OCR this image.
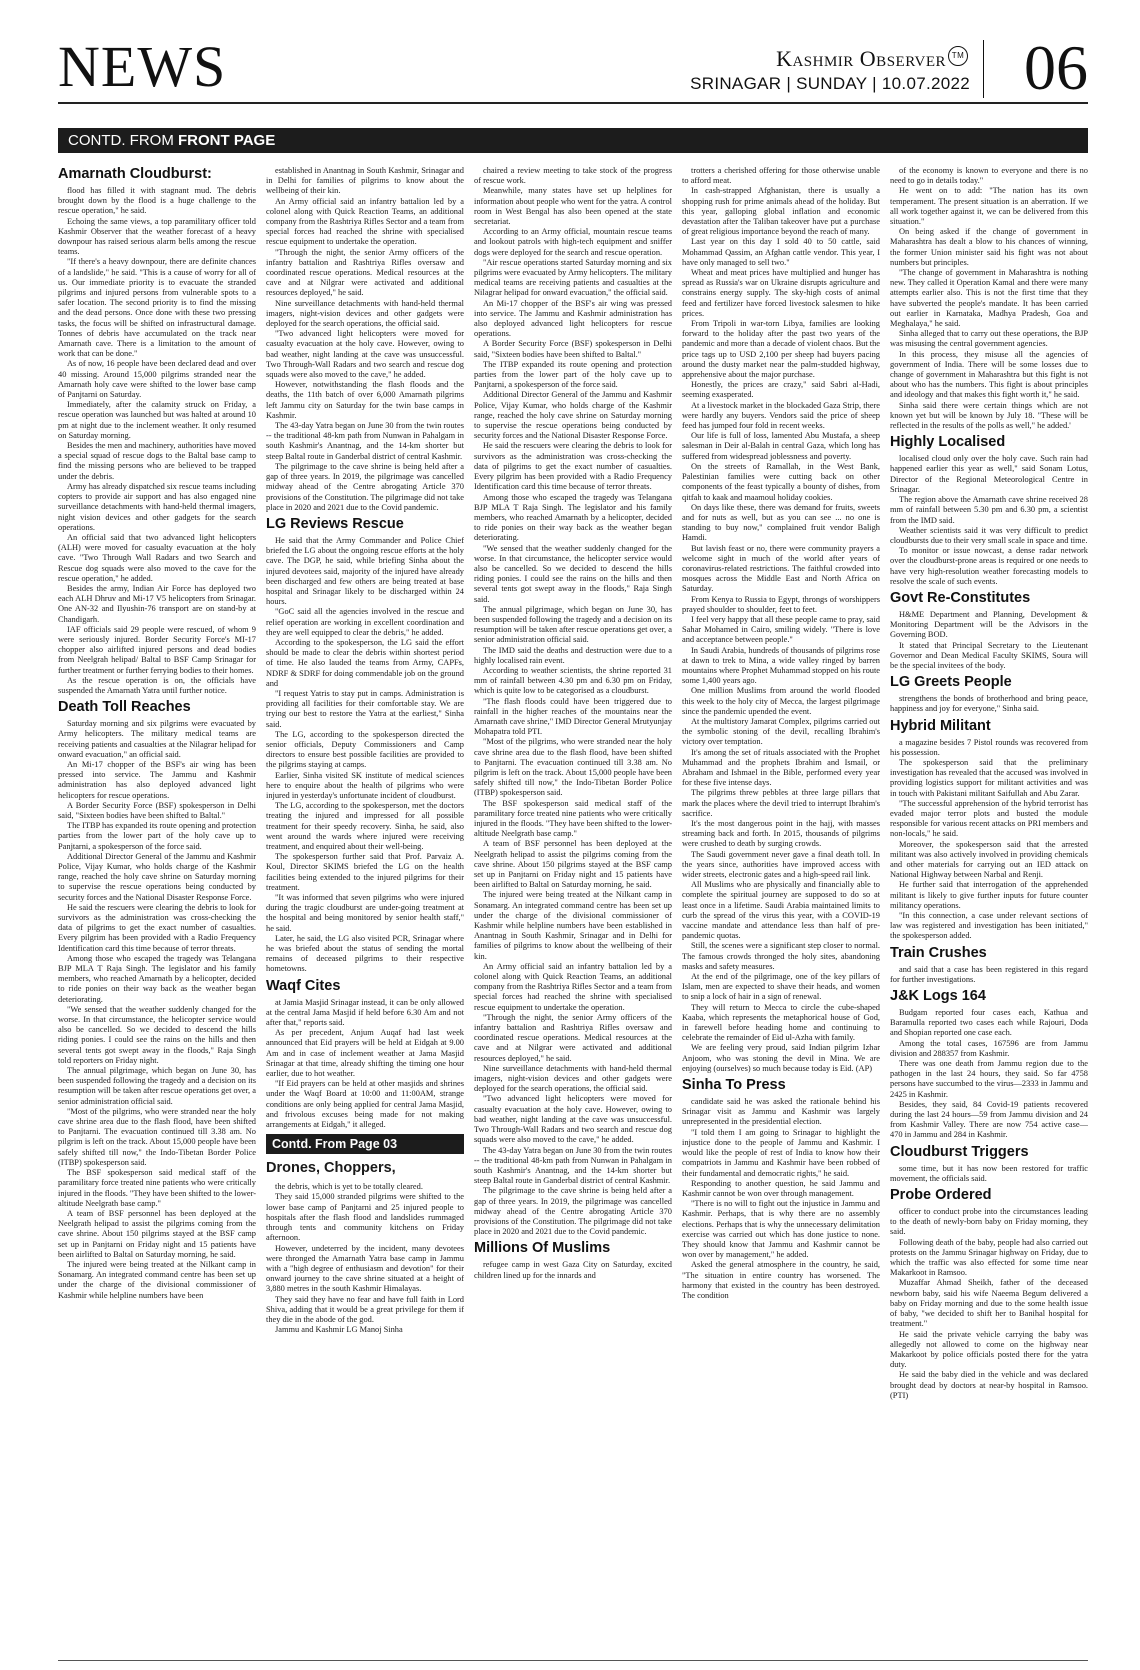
NEWS	Kashmir Observer TM
SRINAGAR | SUNDAY | 10.07.2022 06
CONTD. FROM FRONT PAGE
Amarnath Cloudburst:

flood has filled it with stagnant mud. The debris brought down by the flood is a huge challenge to the rescue operation," he said.

Echoing the same views, a top paramilitary officer told Kashmir Observer that the weather forecast of a heavy downpour has raised serious alarm bells among the rescue teams.

"If there's a heavy downpour, there are definite chances of a landslide," he said. "This is a cause of worry for all of us. Our immediate priority is to evacuate the stranded pilgrims and injured persons from vulnerable spots to a safer location. The second priority is to find the missing and the dead persons. Once done with these two pressing tasks, the focus will be shifted on infrastructural damage. Tonnes of debris have accumulated on the track near Amarnath cave. There is a limitation to the amount of work that can be done."

As of now, 16 people have been declared dead and over 40 missing. Around 15,000 pilgrims stranded near the Amarnath holy cave were shifted to the lower base camp of Panjtarni on Saturday.

Immediately, after the calamity struck on Friday, a rescue operation was launched but was halted at around 10 pm at night due to the inclement weather. It only resumed on Saturday morning.

Besides the men and machinery, authorities have moved a special squad of rescue dogs to the Baltal base camp to find the missing persons who are believed to be trapped under the debris.

Army has already dispatched six rescue teams including copters to provide air support and has also engaged nine surveillance detachments with hand-held thermal imagers, night vision devices and other gadgets for the search operations.

An official said that two advanced light helicopters (ALH) were moved for casualty evacuation at the holy cave. "Two Through Wall Radars and two Search and Rescue dog squads were also moved to the cave for the rescue operation," he added.

Besides the army, Indian Air Force has deployed two each ALH Dhruv and Mi-17 V5 helicopters from Srinagar. One AN-32 and Ilyushin-76 transport are on stand-by at Chandigarh.

IAF officials said 29 people were rescued, of whom 9 were seriously injured. Border Security Force's MI-17 chopper also airlifted injured persons and dead bodies from Neelgrah helipad/ Baltal to BSF Camp Srinagar for further treatment or further ferrying bodies to their homes.

As the rescue operation is on, the officials have suspended the Amarnath Yatra until further notice.

Death Toll Reaches

Saturday morning and six pilgrims were evacuated by Army helicopters. The military medical teams are receiving patients and casualties at the Nilagrar helipad for onward evacuation," an official said.

An Mi-17 chopper of the BSF's air wing has been pressed into service. The Jammu and Kashmir administration has also deployed advanced light helicopters for rescue operations.

A Border Security Force (BSF) spokesperson in Delhi said, "Sixteen bodies have been shifted to Baltal."

The ITBP has expanded its route opening and protection parties from the lower part of the holy cave up to Panjtarni, a spokesperson of the force said.

Additional Director General of the Jammu and Kashmir Police, Vijay Kumar, who holds charge of the Kashmir range, reached the holy cave shrine on Saturday morning to supervise the rescue operations being conducted by security forces and the National Disaster Response Force.

He said the rescuers were clearing the debris to look for survivors as the administration was cross-checking the data of pilgrims to get the exact number of casualties. Every pilgrim has been provided with a Radio Frequency Identification card this time because of terror threats.

Among those who escaped the tragedy was Telangana BJP MLA T Raja Singh. The legislator and his family members, who reached Amarnath by a helicopter, decided to ride ponies on their way back as the weather began deteriorating.

"We sensed that the weather suddenly changed for the worse. In that circumstance, the helicopter service would also be cancelled. So we decided to descend the hills riding ponies. I could see the rains on the hills and then several tents got swept away in the floods," Raja Singh told reporters on Friday night.

The annual pilgrimage, which began on June 30, has been suspended following the tragedy and a decision on its resumption will be taken after rescue operations get over, a senior administration official said.

"Most of the pilgrims, who were stranded near the holy cave shrine area due to the flash flood, have been shifted to Panjtarni. The evacuation continued till 3.38 am. No pilgrim is left on the track. About 15,000 people have been safely shifted till now," the Indo-Tibetan Border Police (ITBP) spokesperson said.

The BSF spokesperson said medical staff of the paramilitary force treated nine patients who were critically injured in the floods. "They have been shifted to the lower-altitude Neelgrath base camp."

A team of BSF personnel has been deployed at the Neelgrath helipad to assist the pilgrims coming from the cave shrine. About 150 pilgrims stayed at the BSF camp set up in Panjtarni on Friday night and 15 patients have been airlifted to Baltal on Saturday morning, he said.

The injured were being treated at the Nilkant camp in Sonamarg. An integrated command centre has been set up under the charge of the divisional commissioner of Kashmir while helpline numbers have been

established in Anantnag in South Kashmir, Srinagar and in Delhi for families of pilgrims to know about the wellbeing of their kin.

An Army official said an infantry battalion led by a colonel along with Quick Reaction Teams, an additional company from the Rashtriya Rifles Sector and a team from special forces had reached the shrine with specialised rescue equipment to undertake the operation.

"Through the night, the senior Army officers of the infantry battalion and Rashtriya Rifles oversaw and coordinated rescue operations. Medical resources at the cave and at Nilgrar were activated and additional resources deployed," he said.

Nine surveillance detachments with hand-held thermal imagers, night-vision devices and other gadgets were deployed for the search operations, the official said.

"Two advanced light helicopters were moved for casualty evacuation at the holy cave. However, owing to bad weather, night landing at the cave was unsuccessful. Two Through-Wall Radars and two search and rescue dog squads were also moved to the cave," he added.

However, notwithstanding the flash floods and the deaths, the 11th batch of over 6,000 Amarnath pilgrims left Jammu city on Saturday for the twin base camps in Kashmir.

The 43-day Yatra began on June 30 from the twin routes -- the traditional 48-km path from Nunwan in Pahalgam in south Kashmir's Anantnag, and the 14-km shorter but steep Baltal route in Ganderbal district of central Kashmir.

The pilgrimage to the cave shrine is being held after a gap of three years. In 2019, the pilgrimage was cancelled midway ahead of the Centre abrogating Article 370 provisions of the Constitution. The pilgrimage did not take place in 2020 and 2021 due to the Covid pandemic.

LG Reviews Rescue

He said that the Army Commander and Police Chief briefed the LG about the ongoing rescue efforts at the holy cave. The DGP, he said, while briefing Sinha about the injured devotees said, majority of the injured have already been discharged and few others are being treated at base hospital and Srinagar likely to be discharged within 24 hours.

"GoC said all the agencies involved in the rescue and relief operation are working in excellent coordination and they are well equipped to clear the debris," he added.

According to the spokesperson, the LG said the effort should be made to clear the debris within shortest period of time. He also lauded the teams from Army, CAPFs, NDRF & SDRF for doing commendable job on the ground and

"I request Yatris to stay put in camps. Administration is providing all facilities for their comfortable stay. We are trying our best to restore the Yatra at the earliest," Sinha said.

The LG, according to the spokesperson directed the senior officials, Deputy Commissioners and Camp directors to ensure best possible facilities are provided to the pilgrims staying at camps.

Earlier, Sinha visited SK institute of medical sciences here to enquire about the health of pilgrims who were injured in yesterday's unfortunate incident of cloudburst.

The LG, according to the spokesperson, met the doctors treating the injured and impressed for all possible treatment for their speedy recovery. Sinha, he said, also went around the wards where injured were receiving treatment, and enquired about their well-being.

The spokesperson further said that Prof. Parvaiz A. Koul, Director SKIMS briefed the LG on the health facilities being extended to the injured pilgrims for their treatment.

"It was informed that seven pilgrims who were injured during the tragic cloudburst are under-going treatment at the hospital and being monitored by senior health staff," he said.

Later, he said, the LG also visited PCR, Srinagar where he was briefed about the status of sending the mortal remains of deceased pilgrims to their respective hometowns.

Waqf Cites

at Jamia Masjid Srinagar instead, it can be only allowed at the central Jama Masjid if held before 6.30 Am and not after that," reports said.

As per precedent, Anjum Auqaf had last week announced that Eid prayers will be held at Eidgah at 9.00 Am and in case of inclement weather at Jama Masjid Srinagar at that time, already shifting the timing one hour earlier, due to hot weather.

"If Eid prayers can be held at other masjids and shrines under the Waqf Board at 10:00 and 11:00AM, strange conditions are only being applied for central Jama Masjid, and frivolous excuses being made for not making arrangements at Eidgah," it alleged.

Contd. From Page 03
Drones, Choppers,

the debris, which is yet to be totally cleared.

They said 15,000 stranded pilgrims were shifted to the lower base camp of Panjtarni and 25 injured people to hospitals after the flash flood and landslides rummaged through tents and community kitchens on Friday afternoon.

However, undeterred by the incident, many devotees were thronged the Amarnath Yatra base camp in Jammu with a "high degree of enthusiasm and devotion" for their onward journey to the cave shrine situated at a height of 3,880 metres in the south Kashmir Himalayas.

They said they have no fear and have full faith in Lord Shiva, adding that it would be a great privilege for them if they die in the abode of the god.

Jammu and Kashmir LG Manoj Sinha

chaired a review meeting to take stock of the progress of rescue work.

Meanwhile, many states have set up helplines for information about people who went for the yatra. A control room in West Bengal has also been opened at the state secretariat.

According to an Army official, mountain rescue teams and lookout patrols with high-tech equipment and sniffer dogs were deployed for the search and rescue operation.

"Air rescue operations started Saturday morning and six pilgrims were evacuated by Army helicopters. The military medical teams are receiving patients and casualties at the Nilagrar helipad for onward evacuation," the official said.

An Mi-17 chopper of the BSF's air wing was pressed into service. The Jammu and Kashmir administration has also deployed advanced light helicopters for rescue operations.

A Border Security Force (BSF) spokesperson in Delhi said, "Sixteen bodies have been shifted to Baltal."

The ITBP expanded its route opening and protection parties from the lower part of the holy cave up to Panjtarni, a spokesperson of the force said.

Additional Director General of the Jammu and Kashmir Police, Vijay Kumar, who holds charge of the Kashmir range, reached the holy cave shrine on Saturday morning to supervise the rescue operations being conducted by security forces and the National Disaster Response Force.

He said the rescuers were clearing the debris to look for survivors as the administration was cross-checking the data of pilgrims to get the exact number of casualties. Every pilgrim has been provided with a Radio Frequency Identification card this time because of terror threats.

Among those who escaped the tragedy was Telangana BJP MLA T Raja Singh. The legislator and his family members, who reached Amarnath by a helicopter, decided to ride ponies on their way back as the weather began deteriorating.

"We sensed that the weather suddenly changed for the worse. In that circumstance, the helicopter service would also be cancelled. So we decided to descend the hills riding ponies. I could see the rains on the hills and then several tents got swept away in the floods," Raja Singh said.

The annual pilgrimage, which began on June 30, has been suspended following the tragedy and a decision on its resumption will be taken after rescue operations get over, a senior administration official said.

The IMD said the deaths and destruction were due to a highly localised rain event.

According to weather scientists, the shrine reported 31 mm of rainfall between 4.30 pm and 6.30 pm on Friday, which is quite low to be categorised as a cloudburst.

"The flash floods could have been triggered due to rainfall in the higher reaches of the mountains near the Amarnath cave shrine," IMD Director General Mrutyunjay Mohapatra told PTI.

"Most of the pilgrims, who were stranded near the holy cave shrine area due to the flash flood, have been shifted to Panjtarni. The evacuation continued till 3.38 am. No pilgrim is left on the track. About 15,000 people have been safely shifted till now," the Indo-Tibetan Border Police (ITBP) spokesperson said.

The BSF spokesperson said medical staff of the paramilitary force treated nine patients who were critically injured in the floods. "They have been shifted to the lower-altitude Neelgrath base camp."

A team of BSF personnel has been deployed at the Neelgrath helipad to assist the pilgrims coming from the cave shrine. About 150 pilgrims stayed at the BSF camp set up in Panjtarni on Friday night and 15 patients have been airlifted to Baltal on Saturday morning, he said.

The injured were being treated at the Nilkant camp in Sonamarg. An integrated command centre has been set up under the charge of the divisional commissioner of Kashmir while helpline numbers have been established in Anantnag in South Kashmir, Srinagar and in Delhi for families of pilgrims to know about the wellbeing of their kin.

An Army official said an infantry battalion led by a colonel along with Quick Reaction Teams, an additional company from the Rashtriya Rifles Sector and a team from special forces had reached the shrine with specialised rescue equipment to undertake the operation.

"Through the night, the senior Army officers of the infantry battalion and Rashtriya Rifles oversaw and coordinated rescue operations. Medical resources at the cave and at Nilgrar were activated and additional resources deployed," he said.

Nine surveillance detachments with hand-held thermal imagers, night-vision devices and other gadgets were deployed for the search operations, the official said.

"Two advanced light helicopters were moved for casualty evacuation at the holy cave. However, owing to bad weather, night landing at the cave was unsuccessful. Two Through-Wall Radars and two search and rescue dog squads were also moved to the cave," he added.

The 43-day Yatra began on June 30 from the twin routes -- the traditional 48-km path from Nunwan in Pahalgam in south Kashmir's Anantnag, and the 14-km shorter but steep Baltal route in Ganderbal district of central Kashmir.

The pilgrimage to the cave shrine is being held after a gap of three years. In 2019, the pilgrimage was cancelled midway ahead of the Centre abrogating Article 370 provisions of the Constitution. The pilgrimage did not take place in 2020 and 2021 due to the Covid pandemic.

Millions Of Muslims

refugee camp in west Gaza City on Saturday, excited children lined up for the innards and

trotters a cherished offering for those otherwise unable to afford meat.

In cash-strapped Afghanistan, there is usually a shopping rush for prime animals ahead of the holiday. But this year, galloping global inflation and economic devastation after the Taliban takeover have put a purchase of great religious importance beyond the reach of many.

Last year on this day I sold 40 to 50 cattle, said Mohammad Qassim, an Afghan cattle vendor. This year, I have only managed to sell two."

Wheat and meat prices have multiplied and hunger has spread as Russia's war on Ukraine disrupts agriculture and constrains energy supply. The sky-high costs of animal feed and fertilizer have forced livestock salesmen to hike prices.

From Tripoli in war-torn Libya, families are looking forward to the holiday after the past two years of the pandemic and more than a decade of violent chaos. But the price tags up to USD 2,100 per sheep had buyers pacing around the dusty market near the palm-studded highway, apprehensive about the major purchase.

Honestly, the prices are crazy," said Sabri al-Hadi, seeming exasperated.

At a livestock market in the blockaded Gaza Strip, there were hardly any buyers. Vendors said the price of sheep feed has jumped four fold in recent weeks.

Our life is full of loss, lamented Abu Mustafa, a sheep salesman in Deir al-Balah in central Gaza, which long has suffered from widespread joblessness and poverty.

On the streets of Ramallah, in the West Bank, Palestinian families were cutting back on other components of the feast typically a bounty of dishes, from qitfah to kaak and maamoul holiday cookies.

On days like these, there was demand for fruits, sweets and for nuts as well, but as you can see ... no one is standing to buy now," complained fruit vendor Baligh Hamdi.

But lavish feast or no, there were community prayers a welcome sight in much of the world after years of coronavirus-related restrictions. The faithful crowded into mosques across the Middle East and North Africa on Saturday.

From Kenya to Russia to Egypt, throngs of worshippers prayed shoulder to shoulder, feet to feet.

I feel very happy that all these people came to pray, said Sahar Mohamed in Cairo, smiling widely. "There is love and acceptance between people."

In Saudi Arabia, hundreds of thousands of pilgrims rose at dawn to trek to Mina, a wide valley ringed by barren mountains where Prophet Muhammad stopped on his route some 1,400 years ago.

One million Muslims from around the world flooded this week to the holy city of Mecca, the largest pilgrimage since the pandemic upended the event.

At the multistory Jamarat Complex, pilgrims carried out the symbolic stoning of the devil, recalling Ibrahim's victory over temptation.

It's among the set of rituals associated with the Prophet Muhammad and the prophets Ibrahim and Ismail, or Abraham and Ishmael in the Bible, performed every year for these five intense days.

The pilgrims threw pebbles at three large pillars that mark the places where the devil tried to interrupt Ibrahim's sacrifice.

It's the most dangerous point in the hajj, with masses streaming back and forth. In 2015, thousands of pilgrims were crushed to death by surging crowds.

The Saudi government never gave a final death toll. In the years since, authorities have improved access with wider streets, electronic gates and a high-speed rail link.

All Muslims who are physically and financially able to complete the spiritual journey are supposed to do so at least once in a lifetime. Saudi Arabia maintained limits to curb the spread of the virus this year, with a COVID-19 vaccine mandate and attendance less than half of pre-pandemic quotas.

Still, the scenes were a significant step closer to normal. The famous crowds thronged the holy sites, abandoning masks and safety measures.

At the end of the pilgrimage, one of the key pillars of Islam, men are expected to shave their heads, and women to snip a lock of hair in a sign of renewal.

They will return to Mecca to circle the cube-shaped Kaaba, which represents the metaphorical house of God, in farewell before heading home and continuing to celebrate the remainder of Eid ul-Azha with family.

We are feeling very proud, said Indian pilgrim Izhar Anjoom, who was stoning the devil in Mina. We are enjoying (ourselves) so much because today is Eid. (AP)

Sinha To Press

candidate said he was asked the rationale behind his Srinagar visit as Jammu and Kashmir was largely unrepresented in the presidential election.

"I told them I am going to Srinagar to highlight the injustice done to the people of Jammu and Kashmir. I would like the people of rest of India to know how their compatriots in Jammu and Kashmir have been robbed of their fundamental and democratic rights," he said.

Responding to another question, he said Jammu and Kashmir cannot be won over through management.

"There is no will to fight out the injustice in Jammu and Kashmir. Perhaps, that is why there are no assembly elections. Perhaps that is why the unnecessary delimitation exercise was carried out which has done justice to none. They should know that Jammu and Kashmir cannot be won over by management," he added.

Asked the general atmosphere in the country, he said, "The situation in entire country has worsened. The harmony that existed in the country has been destroyed. The condition

of the economy is known to everyone and there is no need to go in details today."

He went on to add: "The nation has its own temperament. The present situation is an aberration. If we all work together against it, we can be delivered from this situation."

On being asked if the change of government in Maharashtra has dealt a blow to his chances of winning, the former Union minister said his fight was not about numbers but principles.

"The change of government in Maharashtra is nothing new. They called it Operation Kamal and there were many attempts earlier also. This is not the first time that they have subverted the people's mandate. It has been carried out earlier in Karnataka, Madhya Pradesh, Goa and Meghalaya," he said.

Sinha alleged that to carry out these operations, the BJP was misusing the central government agencies.

In this process, they misuse all the agencies of government of India. There will be some losses due to change of government in Maharashtra but this fight is not about who has the numbers. This fight is about principles and ideology and that makes this fight worth it," he said.

Sinha said there were certain things which are not known yet but will be known by July 18. "These will be reflected in the results of the polls as well," he added.'

Highly Localised

localised cloud only over the holy cave. Such rain had happened earlier this year as well," said Sonam Lotus, Director of the Regional Meteorological Centre in Srinagar.

The region above the Amarnath cave shrine received 28 mm of rainfall between 5.30 pm and 6.30 pm, a scientist from the IMD said.

Weather scientists said it was very difficult to predict cloudbursts due to their very small scale in space and time.

To monitor or issue nowcast, a dense radar network over the cloudburst-prone areas is required or one needs to have very high-resolution weather forecasting models to resolve the scale of such events.

Govt Re-Constitutes

H&ME Department and Planning, Development & Monitoring Department will be the Advisors in the Governing BOD.

It stated that Principal Secretary to the Lieutenant Governor and Dean Medical Faculty SKIMS, Soura will be the special invitees of the body.

LG Greets People

strengthens the bonds of brotherhood and bring peace, happiness and joy for everyone," Sinha said.

Hybrid Militant

a magazine besides 7 Pistol rounds was recovered from his possession.

The spokesperson said that the preliminary investigation has revealed that the accused was involved in providing logistics support for militant activities and was in touch with Pakistani militant Saifullah and Abu Zarar.

"The successful apprehension of the hybrid terrorist has evaded major terror plots and busted the module responsible for various recent attacks on PRI members and non-locals," he said.

Moreover, the spokesperson said that the arrested militant was also actively involved in providing chemicals and other materials for carrying out an IED attack on National Highway between Narbal and Renji.

He further said that interrogation of the apprehended militant is likely to give further inputs for future counter militancy operations.

"In this connection, a case under relevant sections of law was registered and investigation has been initiated," the spokesperson added.

Train Crushes

and said that a case has been registered in this regard for further investigations.

J&K Logs 164

Budgam reported four cases each, Kathua and Baramulla reported two cases each while Rajouri, Doda and Shopian reported one case each.

Among the total cases, 167596 are from Jammu division and 288357 from Kashmir.

There was one death from Jammu region due to the pathogen in the last 24 hours, they said. So far 4758 persons have succumbed to the virus—2333 in Jammu and 2425 in Kashmir.

Besides, they said, 84 Covid-19 patients recovered during the last 24 hours—59 from Jammu division and 24 from Kashmir Valley. There are now 754 active case— 470 in Jammu and 284 in Kashmir.

Cloudburst Triggers

some time, but it has now been restored for traffic movement, the officials said.

Probe Ordered

officer to conduct probe into the circumstances leading to the death of newly-born baby on Friday morning, they said.

Following death of the baby, people had also carried out protests on the Jammu Srinagar highway on Friday, due to which the traffic was also effected for some time near Makarkoot in Ramsoo.

Muzaffar Ahmad Sheikh, father of the deceased newborn baby, said his wife Naeema Begum delivered a baby on Friday morning and due to the some health issue of baby, "we decided to shift her to Banihal hospital for treatment."

He said the private vehicle carrying the baby was allegedly not allowed to come on the highway near Makarkoot by police officials posted there for the yatra duty.

He said the baby died in the vehicle and was declared brought dead by doctors at near-by hospital in Ramsoo. (PTI)
